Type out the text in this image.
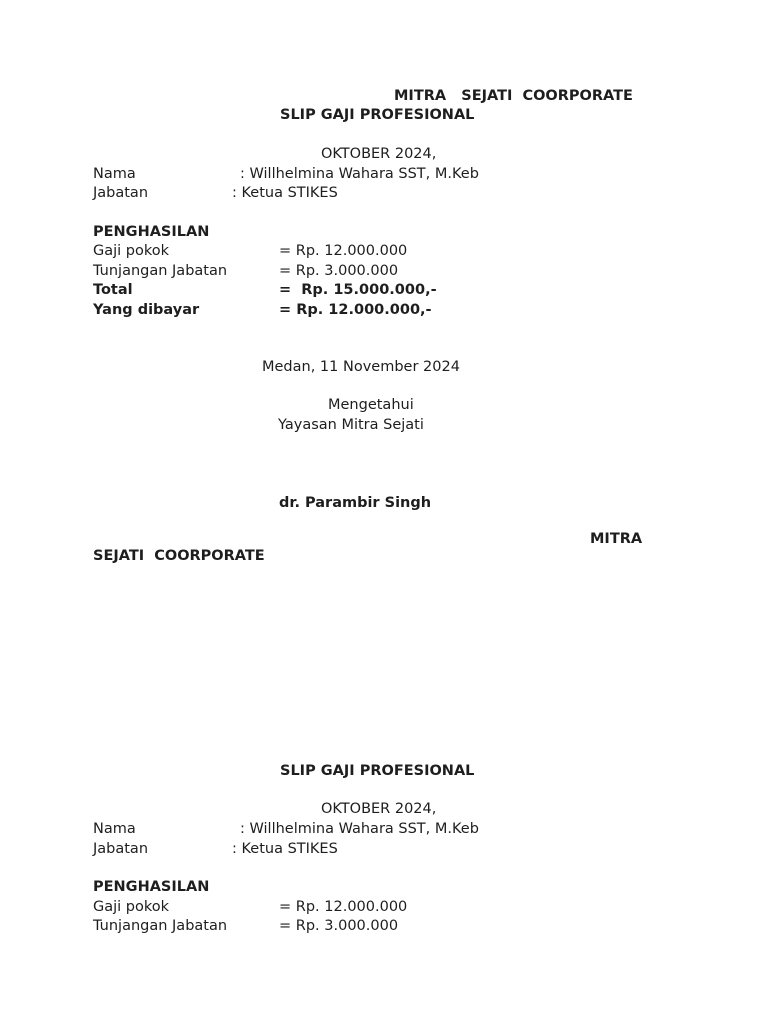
MITRA   SEJATI  COORPORATE
SLIP GAJI PROFESIONAL
OKTOBER 2024,
Nama	: Willhelmina Wahara SST, M.Keb
Jabatan	: Ketua STIKES
PENGHASILAN
Gaji pokok	= Rp. 12.000.000
Tunjangan Jabatan	= Rp. 3.000.000
Total	=  Rp. 15.000.000,-
Yang dibayar	= Rp. 12.000.000,-
Medan, 11 November 2024
Mengetahui
Yayasan Mitra Sejati
dr. Parambir Singh
MITRA
SEJATI  COORPORATE
SLIP GAJI PROFESIONAL
OKTOBER 2024,
Nama	: Willhelmina Wahara SST, M.Keb
Jabatan	: Ketua STIKES
PENGHASILAN
Gaji pokok	= Rp. 12.000.000
Tunjangan Jabatan	= Rp. 3.000.000
